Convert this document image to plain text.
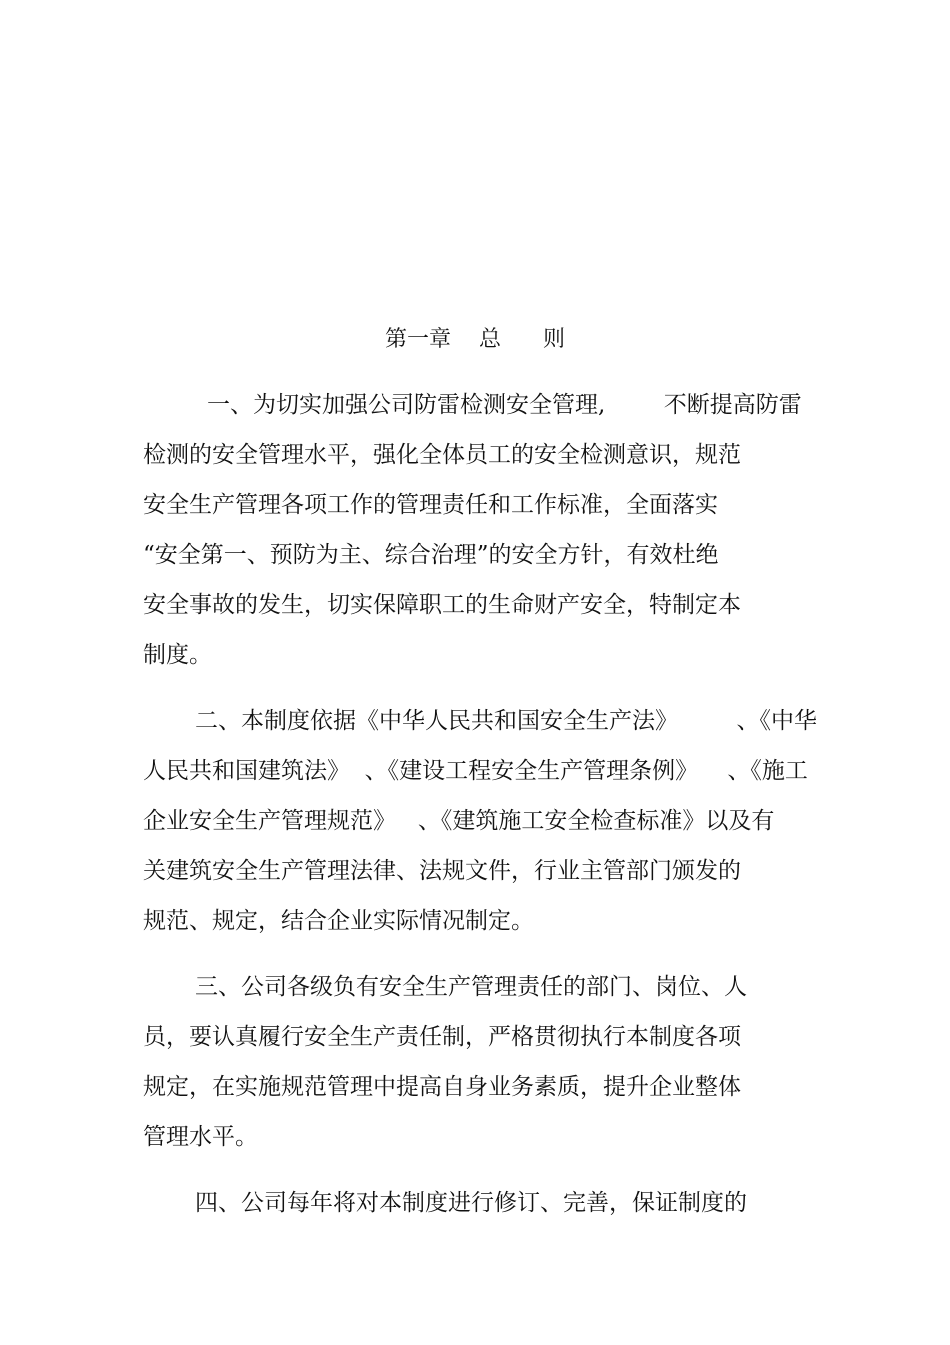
第一章    总      则
一、为切实加强公司防雷检测安全管理,        不断提高防雷
检测的安全管理水平，强化全体员工的安全检测意识，规范
安全生产管理各项工作的管理责任和工作标准，全面落实
“安全第一、预防为主、综合治理”的安全方针，有效杜绝
安全事故的发生，切实保障职工的生命财产安全，特制定本
制度。
二、本制度依据《中华人民共和国安全生产法》        、《中华
人民共和国建筑法》  、《建设工程安全生产管理条例》    、《施工
企业安全生产管理规范》   、《建筑施工安全检查标准》以及有
关建筑安全生产管理法律、法规文件，行业主管部门颁发的
规范、规定，结合企业实际情况制定。
三、公司各级负有安全生产管理责任的部门、岗位、人
员，要认真履行安全生产责任制，严格贯彻执行本制度各项
规定，在实施规范管理中提高自身业务素质，提升企业整体
管理水平。
四、公司每年将对本制度进行修订、完善，保证制度的
